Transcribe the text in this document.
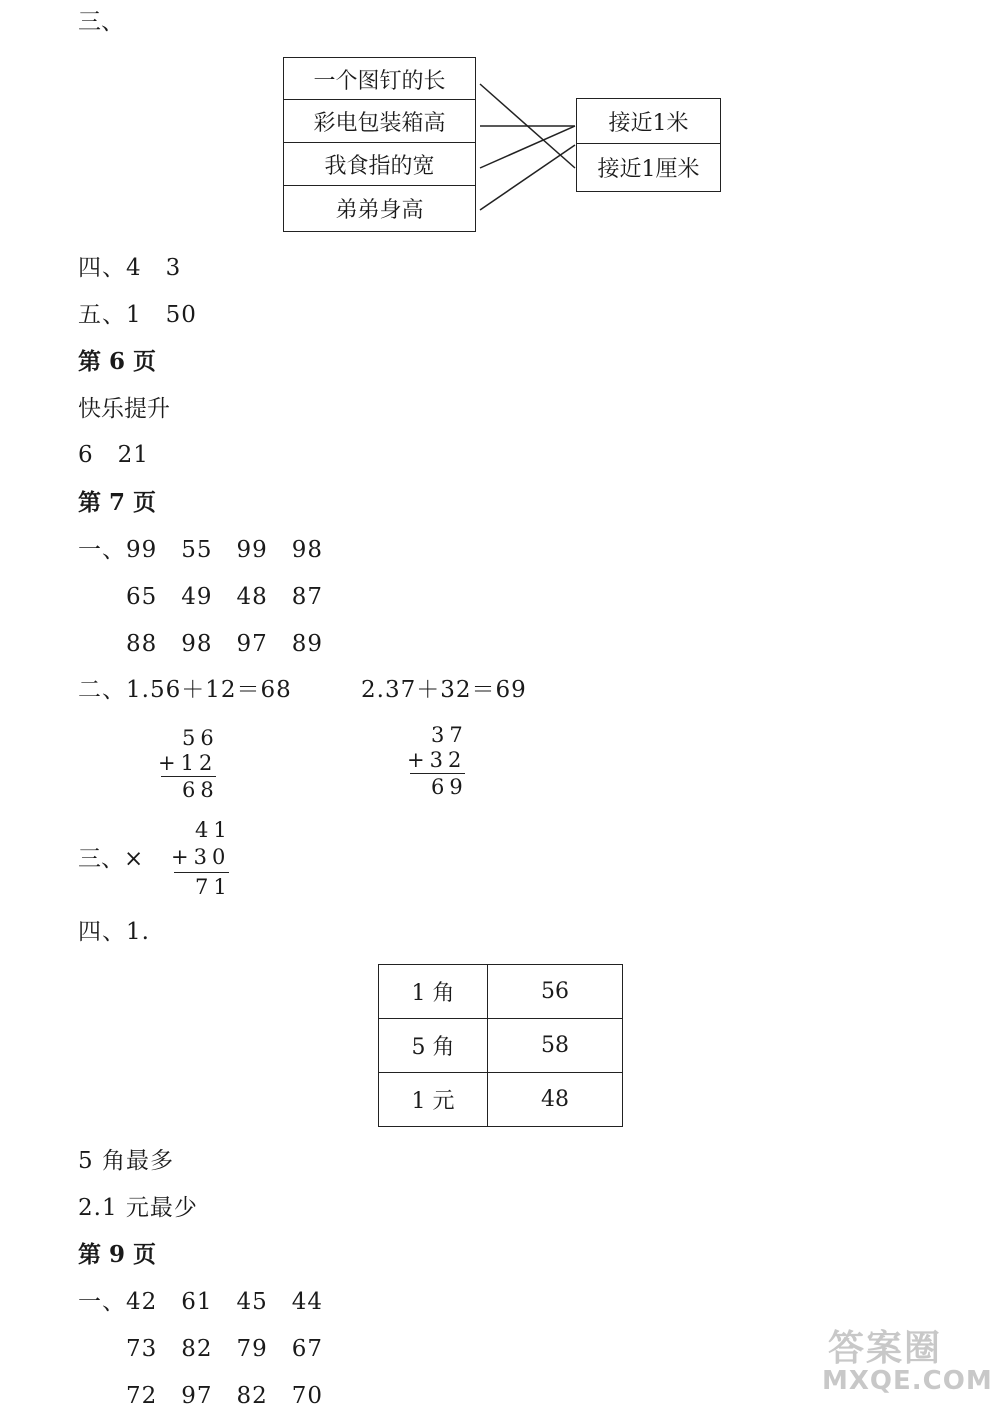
三、
一个图钉的长
彩电包装箱高
我食指的宽
弟弟身高
接近1米
接近1厘米
四、4　3
五、1　50
第 6 页
快乐提升
6　21
第 7 页
一、99　55　99　98
　　65　49　48　87
　　88　98　97　89
二、1.56＋12＝68	2.37＋32＝69
56
+12
68
37
+32
69
三、×
41
+30
71
四、1.
1 角	56
5 角	58
1 元	48
5 角最多
2.1 元最少
第 9 页
一、42　61　45　44
　　73　82　79　67
　　72　97　82　70
答案圈
MXQE.COM
